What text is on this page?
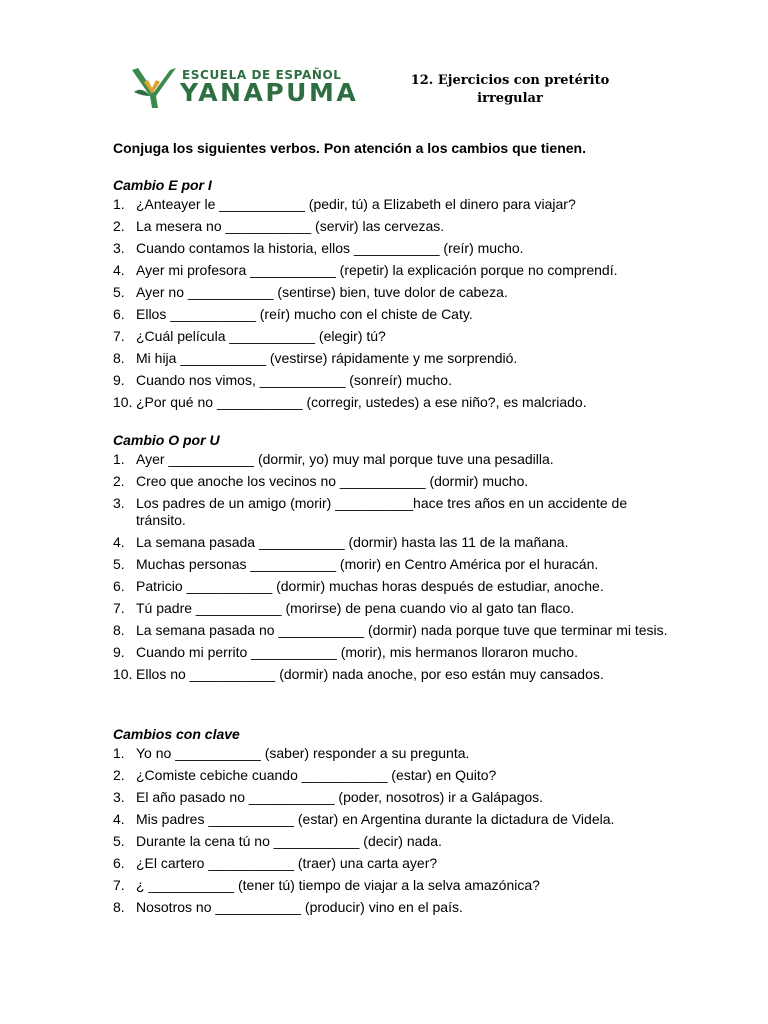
ESCUELA DE ESPAÑOL
YANAPUMA	12. Ejercicios con pretérito
irregular
Conjuga los siguientes verbos. Pon atención a los cambios que tienen.
Cambio E por I
1. ¿Anteayer le ___________ (pedir, tú) a Elizabeth el dinero para viajar?
2. La mesera no ___________ (servir) las cervezas.
3. Cuando contamos la historia, ellos ___________ (reír) mucho.
4. Ayer mi profesora ___________ (repetir) la explicación porque no comprendí.
5. Ayer no ___________ (sentirse) bien, tuve dolor de cabeza.
6. Ellos ___________ (reír) mucho con el chiste de Caty.
7. ¿Cuál película ___________ (elegir) tú?
8. Mi hija ___________ (vestirse) rápidamente y me sorprendió.
9. Cuando nos vimos, ___________ (sonreír) mucho.
10. ¿Por qué no ___________ (corregir, ustedes) a ese niño?, es malcriado.
Cambio O por U
1. Ayer ___________ (dormir, yo) muy mal porque tuve una pesadilla.
2. Creo que anoche los vecinos no ___________ (dormir) mucho.
3. Los padres de un amigo (morir) __________hace tres años en un accidente de tránsito.
4. La semana pasada ___________ (dormir) hasta las 11 de la mañana.
5. Muchas personas ___________ (morir) en Centro América por el huracán.
6. Patricio ___________ (dormir) muchas horas después de estudiar, anoche.
7. Tú padre ___________ (morirse) de pena cuando vio al gato tan flaco.
8. La semana pasada no ___________ (dormir) nada porque tuve que terminar mi tesis.
9. Cuando mi perrito ___________ (morir), mis hermanos lloraron mucho.
10. Ellos no ___________ (dormir) nada anoche, por eso están muy cansados.
Cambios con clave
1. Yo no ___________ (saber) responder a su pregunta.
2. ¿Comiste cebiche cuando ___________ (estar) en Quito?
3. El año pasado no ___________ (poder, nosotros) ir a Galápagos.
4. Mis padres ___________ (estar) en Argentina durante la dictadura de Videla.
5. Durante la cena tú no ___________ (decir) nada.
6. ¿El cartero ___________ (traer) una carta ayer?
7. ¿ ___________ (tener tú) tiempo de viajar a la selva amazónica?
8. Nosotros no ___________ (producir) vino en el país.
